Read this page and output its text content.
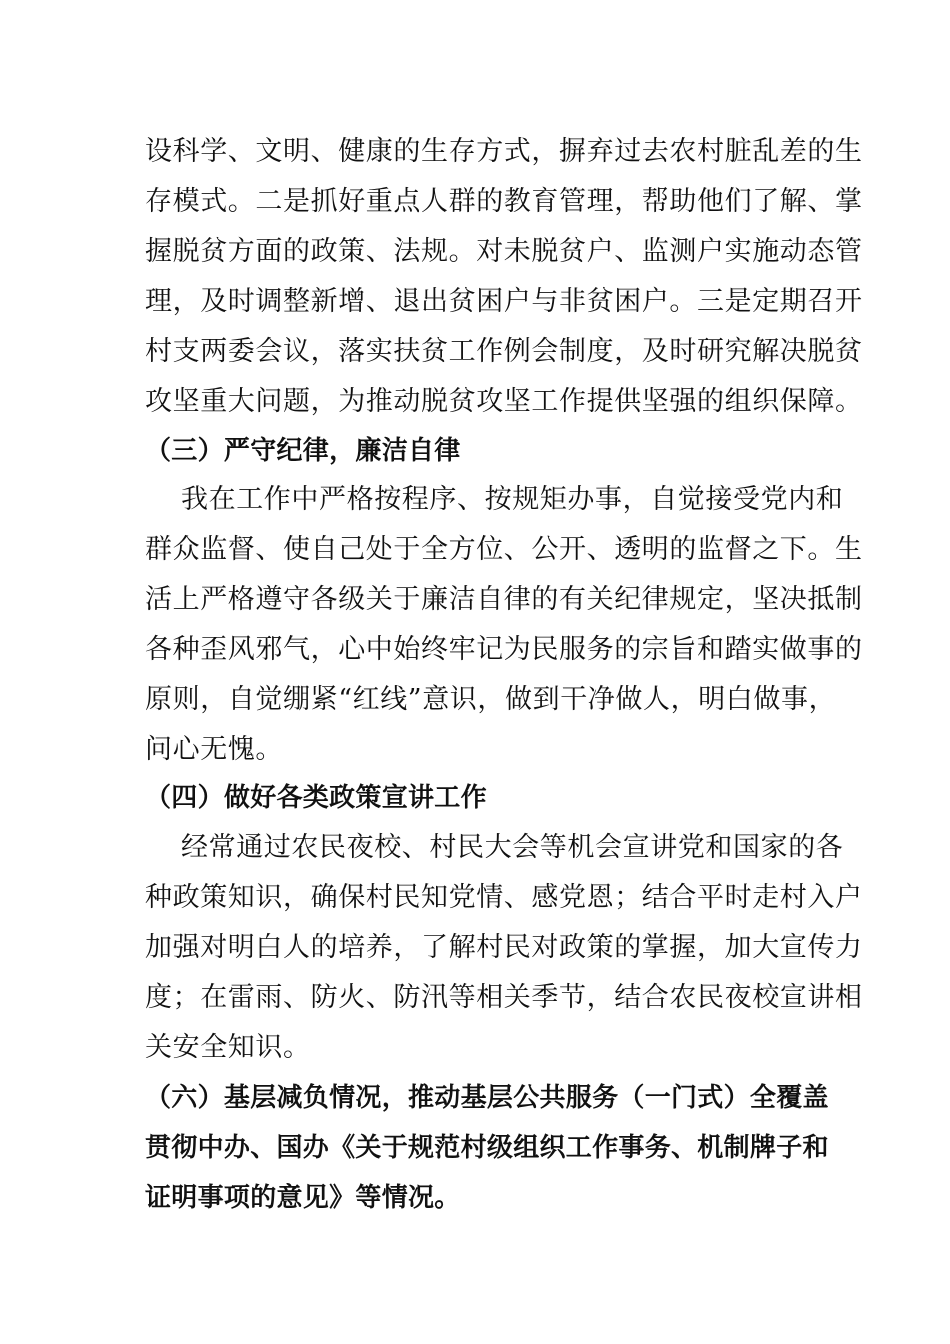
设科学、文明、健康的生存方式，摒弃过去农村脏乱差的生
存模式。二是抓好重点人群的教育管理，帮助他们了解、掌
握脱贫方面的政策、法规。对未脱贫户、监测户实施动态管
理，及时调整新增、退出贫困户与非贫困户。三是定期召开
村支两委会议，落实扶贫工作例会制度，及时研究解决脱贫
攻坚重大问题，为推动脱贫攻坚工作提供坚强的组织保障。
（三）严守纪律，廉洁自律
我在工作中严格按程序、按规矩办事，自觉接受党内和
群众监督、使自己处于全方位、公开、透明的监督之下。生
活上严格遵守各级关于廉洁自律的有关纪律规定，坚决抵制
各种歪风邪气，心中始终牢记为民服务的宗旨和踏实做事的
原则，自觉绷紧“红线”意识，做到干净做人，明白做事，
问心无愧。
（四）做好各类政策宣讲工作
经常通过农民夜校、村民大会等机会宣讲党和国家的各
种政策知识，确保村民知党情、感党恩；结合平时走村入户
加强对明白人的培养，了解村民对政策的掌握，加大宣传力
度；在雷雨、防火、防汛等相关季节，结合农民夜校宣讲相
关安全知识。
（六）基层减负情况，推动基层公共服务（一门式）全覆盖
贯彻中办、国办《关于规范村级组织工作事务、机制牌子和
证明事项的意见》等情况。
